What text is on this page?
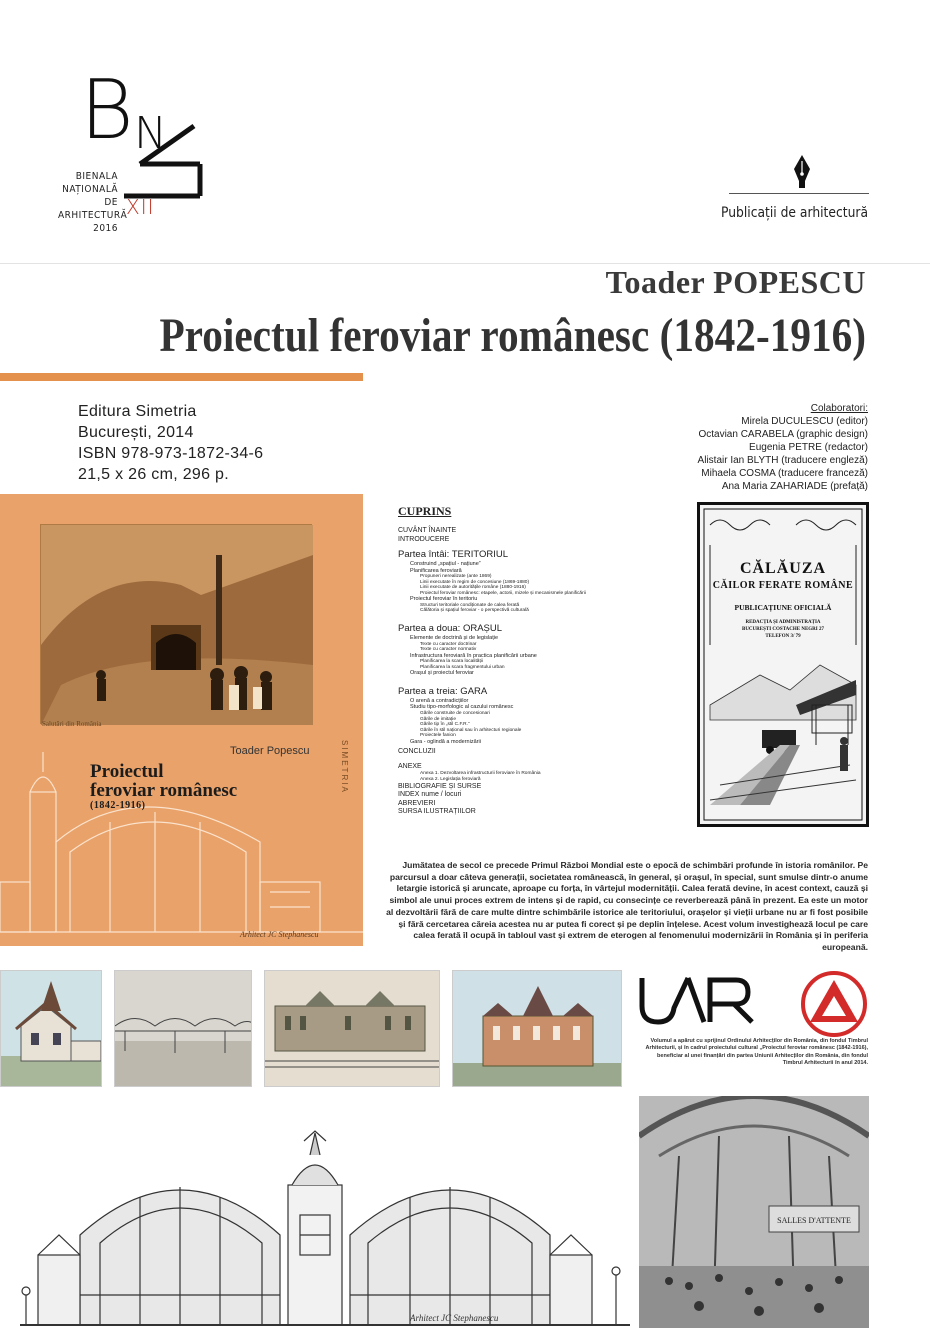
B N
BIENALA
NAȚIONALĂ
DE
ARHITECTURĂ
2016
XII	Publicații de arhitectură
Toader POPESCU
Proiectul feroviar românesc (1842-1916)
Editura Simetria
București, 2014
ISBN 978-973-1872-34-6
21,5 x 26 cm, 296 p.
Colaboratori:
Mirela DUCULESCU (editor)
Octavian CARABELA (graphic design)
Eugenia PETRE (redactor)
Alistair Ian BLYTH (traducere engleză)
Mihaela COSMA (traducere franceză)
Ana Maria ZAHARIADE (prefață)
Salutări din România
Arhitect JC Stephanescu
Toader Popescu
Proiectul
feroviar românesc
(1842-1916)
SIMETRIA
CUPRINS
CUVÂNT ÎNAINTE
INTRODUCERE
Partea întâi: TERITORIUL
Construind „spațiul - națiune”
Planificarea feroviară
Propuneri nerealizate (ante 1869)
Linii executate în regim de concesiune (1869-1880)
Linii executate de autoritățile române (1880-1916)
Proiectul feroviar românesc: etapele, actorii, mizele și mecanismele planificării
Proiectul feroviar în teritoriu
Structuri teritoriale condiționate de calea ferată
Călătoria și spațiul feroviar - o perspectivă culturală
Partea a doua: ORAȘUL
Elemente de doctrină și de legislație
Texte cu caracter doctrinar
Texte cu caracter normativ
Infrastructura feroviară în practica planificării urbane
Planificarea la scara localității
Planificarea la scara fragmentului urban
Orașul și proiectul feroviar
Partea a treia: GARA
O arenă a contradicțiilor
Studiu tipo-morfologic al cazului românesc
Gările construite de concesionari
Gările de imitație
Gările tip în „stil C.F.R.”
Gările în stil național sau în arhitecturi regionale
Proiectele fanion
Gara - oglindă a modernizării
CONCLUZII
ANEXE
Anexa 1. Dezvoltarea infrastructurii feroviare în România
Anexa 2. Legislația feroviară
BIBLIOGRAFIE ȘI SURSE
INDEX nume / locuri
ABREVIERI
SURSA ILUSTRAȚIILOR
CĂLĂUZA
CĂILOR FERATE ROMÂNE
PUBLICAȚIUNE OFICIALĂ
REDACȚIA ȘI ADMINISTRAȚIA
BUCUREȘTI COSTACHE NEGRI 27
TELEFON 3/ 79
Jumătatea de secol ce precede Primul Război Mondial este o epocă de schimbări profunde în istoria românilor. Pe parcursul a doar câteva generații, societatea românească, în general, și orașul, în special, sunt smulse dintr-o anume letargie istorică și aruncate, aproape cu forța, în vârtejul modernității. Calea ferată devine, în acest context, cauză și simbol ale unui proces extrem de intens și de rapid, cu consecințe ce reverberează până în prezent. Ea este un motor al dezvoltării fără de care multe dintre schimbările istorice ale teritoriului, orașelor și vieții urbane nu ar fi fost posibile și fără cercetarea căreia acestea nu ar putea fi corect și pe deplin înțelese. Acest volum investighează locul pe care calea ferată îl ocupă în tabloul vast și extrem de eterogen al fenomenului modernizării în România și în periferia europeană.
Volumul a apărut cu sprijinul Ordinului Arhitecților din România, din fondul Timbrul Arhitecturii, și în cadrul proiectului cultural „Proiectul feroviar românesc (1842-1916), beneficiar al unei finanțări din partea Uniunii Arhitecților din România, din fondul Timbrul Arhitecturii în anul 2014.
Arhitect JC Stephanescu
SALLES D'ATTENTE
